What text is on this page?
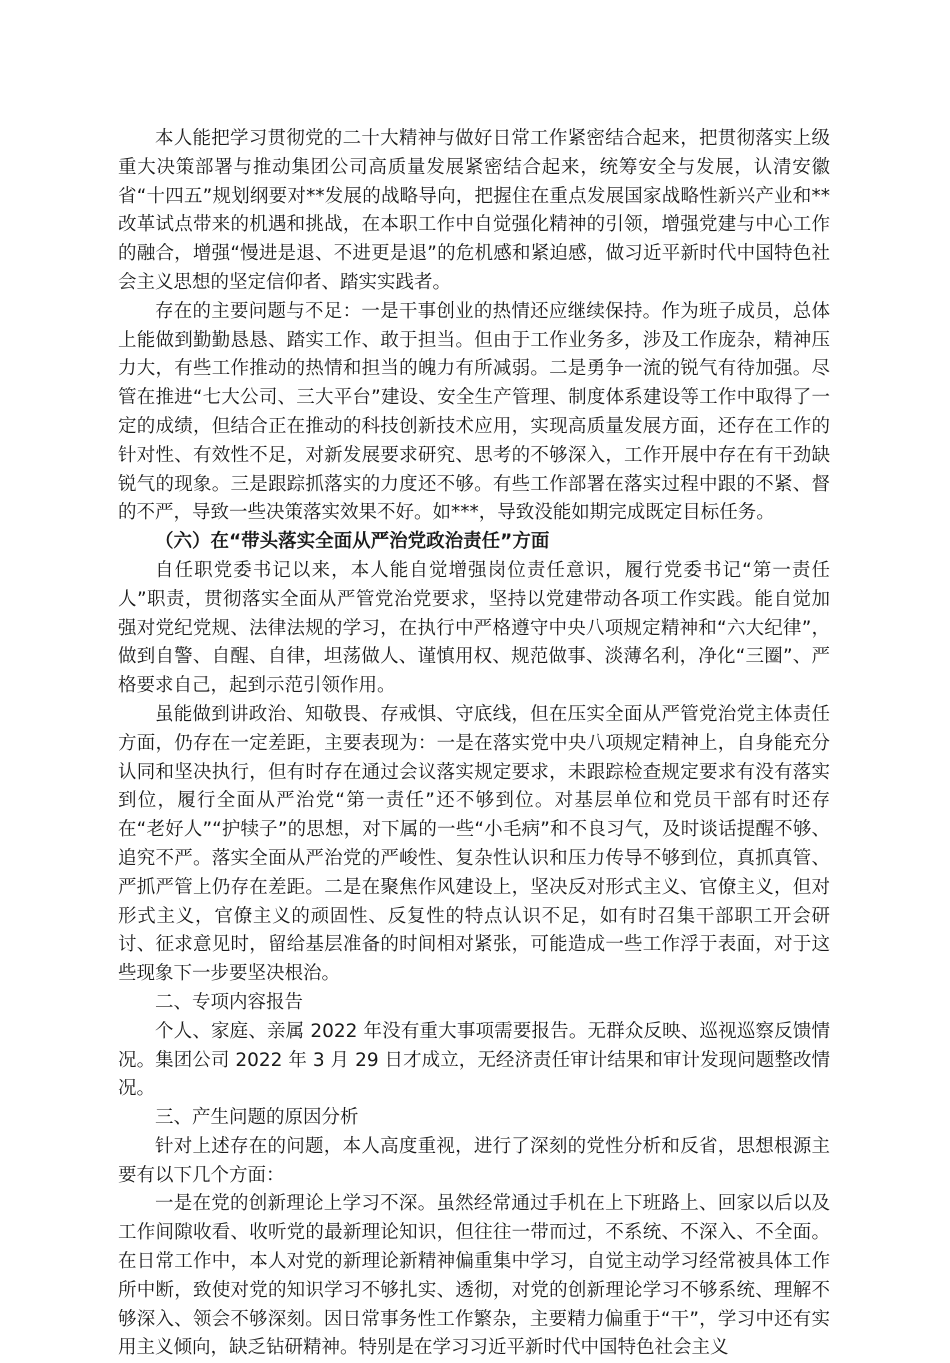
本人能把学习贯彻党的二十大精神与做好日常工作紧密结合起来，把贯彻落实上级重大决策部署与推动集团公司高质量发展紧密结合起来，统筹安全与发展，认清安徽省“十四五”规划纲要对**发展的战略导向，把握住在重点发展国家战略性新兴产业和**改革试点带来的机遇和挑战，在本职工作中自觉强化精神的引领，增强党建与中心工作的融合，增强“慢进是退、不进更是退”的危机感和紧迫感，做习近平新时代中国特色社会主义思想的坚定信仰者、踏实实践者。

存在的主要问题与不足：一是干事创业的热情还应继续保持。作为班子成员，总体上能做到勤勤恳恳、踏实工作、敢于担当。但由于工作业务多，涉及工作庞杂，精神压力大，有些工作推动的热情和担当的魄力有所减弱。二是勇争一流的锐气有待加强。尽管在推进“七大公司、三大平台”建设、安全生产管理、制度体系建设等工作中取得了一定的成绩，但结合正在推动的科技创新技术应用，实现高质量发展方面，还存在工作的针对性、有效性不足，对新发展要求研究、思考的不够深入，工作开展中存在有干劲缺锐气的现象。三是跟踪抓落实的力度还不够。有些工作部署在落实过程中跟的不紧、督的不严，导致一些决策落实效果不好。如***，导致没能如期完成既定目标任务。

（六）在“带头落实全面从严治党政治责任”方面

自任职党委书记以来，本人能自觉增强岗位责任意识，履行党委书记“第一责任人”职责，贯彻落实全面从严管党治党要求，坚持以党建带动各项工作实践。能自觉加强对党纪党规、法律法规的学习，在执行中严格遵守中央八项规定精神和“六大纪律”，做到自警、自醒、自律，坦荡做人、谨慎用权、规范做事、淡薄名利，净化“三圈”、严格要求自己，起到示范引领作用。

虽能做到讲政治、知敬畏、存戒惧、守底线，但在压实全面从严管党治党主体责任方面，仍存在一定差距，主要表现为：一是在落实党中央八项规定精神上，自身能充分认同和坚决执行，但有时存在通过会议落实规定要求，未跟踪检查规定要求有没有落实到位，履行全面从严治党“第一责任”还不够到位。对基层单位和党员干部有时还存在“老好人”“护犊子”的思想，对下属的一些“小毛病”和不良习气，及时谈话提醒不够、追究不严。落实全面从严治党的严峻性、复杂性认识和压力传导不够到位，真抓真管、严抓严管上仍存在差距。二是在聚焦作风建设上，坚决反对形式主义、官僚主义，但对形式主义，官僚主义的顽固性、反复性的特点认识不足，如有时召集干部职工开会研讨、征求意见时，留给基层准备的时间相对紧张，可能造成一些工作浮于表面，对于这些现象下一步要坚决根治。

二、专项内容报告

个人、家庭、亲属 2022 年没有重大事项需要报告。无群众反映、巡视巡察反馈情况。集团公司 2022 年 3 月 29 日才成立，无经济责任审计结果和审计发现问题整改情况。

三、产生问题的原因分析

针对上述存在的问题，本人高度重视，进行了深刻的党性分析和反省，思想根源主要有以下几个方面：

一是在党的创新理论上学习不深。虽然经常通过手机在上下班路上、回家以后以及工作间隙收看、收听党的最新理论知识，但往往一带而过，不系统、不深入、不全面。在日常工作中，本人对党的新理论新精神偏重集中学习，自觉主动学习经常被具体工作所中断，致使对党的知识学习不够扎实、透彻，对党的创新理论学习不够系统、理解不够深入、领会不够深刻。因日常事务性工作繁杂，主要精力偏重于“干”，学习中还有实用主义倾向，缺乏钻研精神。特别是在学习习近平新时代中国特色社会主义
